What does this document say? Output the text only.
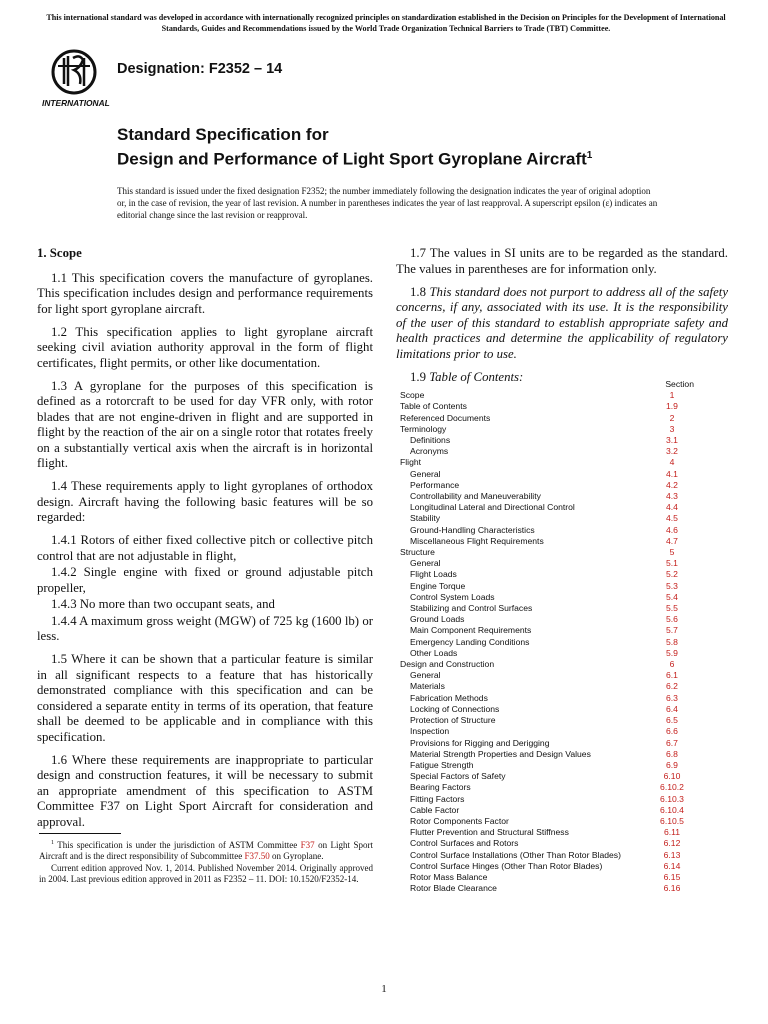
This international standard was developed in accordance with internationally recognized principles on standardization established in the Decision on Principles for the Development of International Standards, Guides and Recommendations issued by the World Trade Organization Technical Barriers to Trade (TBT) Committee.
INTERNATIONAL
Designation: F2352 – 14
Standard Specification for
Design and Performance of Light Sport Gyroplane Aircraft$^1$
This standard is issued under the fixed designation F2352; the number immediately following the designation indicates the year of original adoption or, in the case of revision, the year of last revision. A number in parentheses indicates the year of last reapproval. A superscript epsilon (ε) indicates an editorial change since the last revision or reapproval.
1. Scope

1.1 This specification covers the manufacture of gyroplanes. This specification includes design and performance requirements for light sport gyroplane aircraft.

1.2 This specification applies to light gyroplane aircraft seeking civil aviation authority approval in the form of flight certificates, flight permits, or other like documentation.

1.3 A gyroplane for the purposes of this specification is defined as a rotorcraft to be used for day VFR only, with rotor blades that are not engine-driven in flight and are supported in flight by the reaction of the air on a single rotor that rotates freely on a substantially vertical axis when the aircraft is in horizontal flight.

1.4 These requirements apply to light gyroplanes of orthodox design. Aircraft having the following basic features will be so regarded:

1.4.1 Rotors of either fixed collective pitch or collective pitch control that are not adjustable in flight,

1.4.2 Single engine with fixed or ground adjustable pitch propeller,

1.4.3 No more than two occupant seats, and

1.4.4 A maximum gross weight (MGW) of 725 kg (1600 lb) or less.

1.5 Where it can be shown that a particular feature is similar in all significant respects to a feature that has historically demonstrated compliance with this specification and can be considered a separate entity in terms of its operation, that feature shall be deemed to be applicable and in compliance with this specification.

1.6 Where these requirements are inappropriate to particular design and construction features, it will be necessary to submit an appropriate amendment of this specification to ASTM Committee F37 on Light Sport Aircraft for consideration and approval.

1.7 The values in SI units are to be regarded as the standard. The values in parentheses are for information only.

1.8 This standard does not purport to address all of the safety concerns, if any, associated with its use. It is the responsibility of the user of this standard to establish appropriate safety and health practices and determine the applicability of regulatory limitations prior to use.

1.9 Table of Contents:

Section
Scope	1
Table of Contents	1.9
Referenced Documents	2
Terminology	3
Definitions	3.1
Acronyms	3.2
Flight	4
General	4.1
Performance	4.2
Controllability and Maneuverability	4.3
Longitudinal Lateral and Directional Control	4.4
Stability	4.5
Ground-Handling Characteristics	4.6
Miscellaneous Flight Requirements	4.7
Structure	5
General	5.1
Flight Loads	5.2
Engine Torque	5.3
Control System Loads	5.4
Stabilizing and Control Surfaces	5.5
Ground Loads	5.6
Main Component Requirements	5.7
Emergency Landing Conditions	5.8
Other Loads	5.9
Design and Construction	6
General	6.1
Materials	6.2
Fabrication Methods	6.3
Locking of Connections	6.4
Protection of Structure	6.5
Inspection	6.6
Provisions for Rigging and Derigging	6.7
Material Strength Properties and Design Values	6.8
Fatigue Strength	6.9
Special Factors of Safety	6.10
Bearing Factors	6.10.2
Fitting Factors	6.10.3
Cable Factor	6.10.4
Rotor Components Factor	6.10.5
Flutter Prevention and Structural Stiffness	6.11
Control Surfaces and Rotors	6.12
Control Surface Installations (Other Than Rotor Blades)	6.13
Control Surface Hinges (Other Than Rotor Blades)	6.14
Rotor Mass Balance	6.15
Rotor Blade Clearance	6.16

$^1$ This specification is under the jurisdiction of ASTM Committee F37 on Light Sport Aircraft and is the direct responsibility of Subcommittee F37.50 on Gyroplane.

Current edition approved Nov. 1, 2014. Published November 2014. Originally approved in 2004. Last previous edition approved in 2011 as F2352 – 11. DOI: 10.1520/F2352-14.

1
